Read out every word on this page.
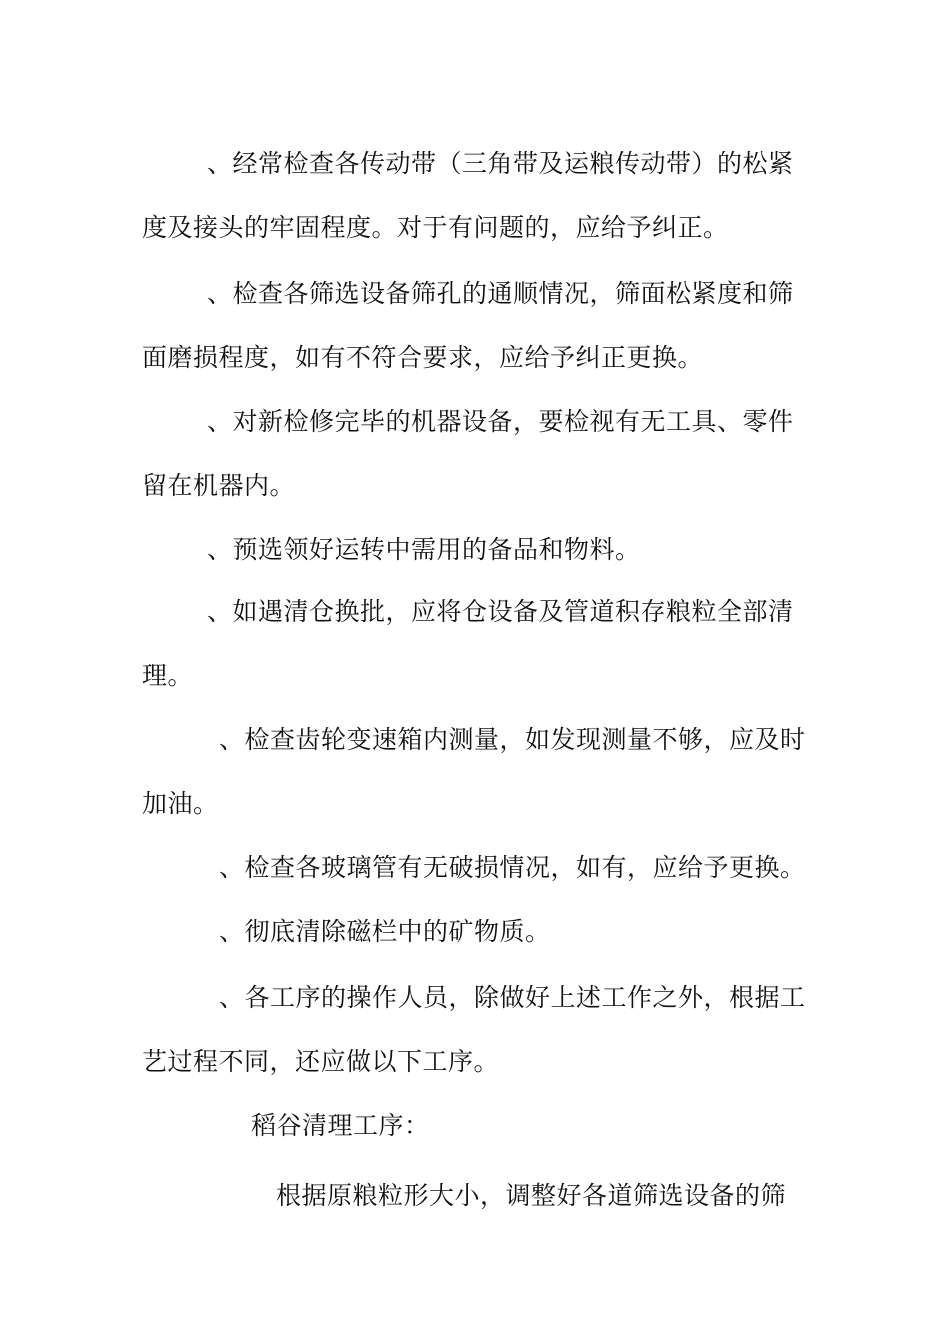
、经常检查各传动带（三角带及运粮传动带）的松紧
度及接头的牢固程度。对于有问题的，应给予纠正。
、检查各筛选设备筛孔的通顺情况，筛面松紧度和筛
面磨损程度，如有不符合要求，应给予纠正更换。
、对新检修完毕的机器设备，要检视有无工具、零件
留在机器内。
、预选领好运转中需用的备品和物料。
、如遇清仓换批，应将仓设备及管道积存粮粒全部清
理。
、检查齿轮变速箱内测量，如发现测量不够，应及时
加油。
、检查各玻璃管有无破损情况，如有，应给予更换。
、彻底清除磁栏中的矿物质。
、各工序的操作人员，除做好上述工作之外，根据工
艺过程不同，还应做以下工序。
稻谷清理工序：
根据原粮粒形大小，调整好各道筛选设备的筛
